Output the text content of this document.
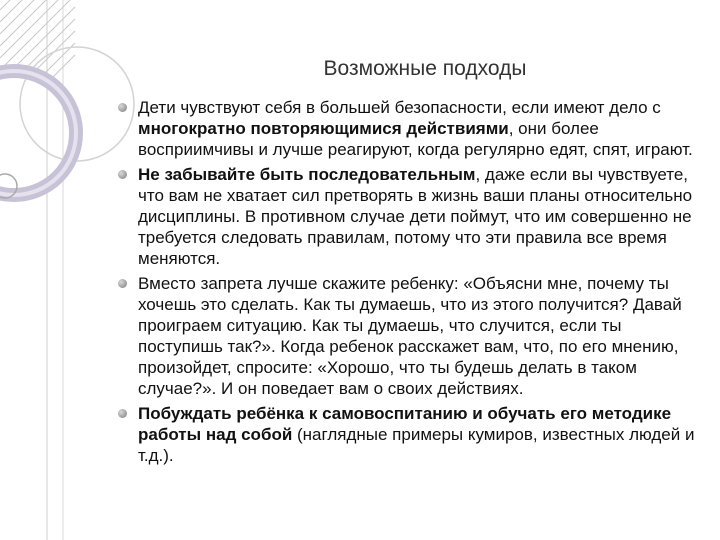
Возможные подходы
Дети чувствуют себя в большей безопасности, если имеют дело с многократно повторяющимися действиями, они более восприимчивы и лучше реагируют, когда регулярно едят, спят, играют.
Не забывайте быть последовательным, даже если вы чувствуете, что вам не хватает сил претворять в жизнь ваши планы относительно дисциплины. В противном случае дети поймут, что им совершенно не требуется следовать правилам, потому что эти правила все время меняются.
Вместо запрета лучше скажите ребенку: «Объясни мне, почему ты хочешь это сделать. Как ты думаешь, что из этого получится? Давай проиграем ситуацию. Как ты думаешь, что случится, если ты поступишь так?». Когда ребенок расскажет вам, что, по его мнению, произойдет, спросите: «Хорошо, что ты будешь делать в таком случае?». И он поведает вам о своих действиях.
Побуждать ребёнка к самовоспитанию и обучать его методике работы над собой (наглядные примеры кумиров, известных людей и т.д.).
